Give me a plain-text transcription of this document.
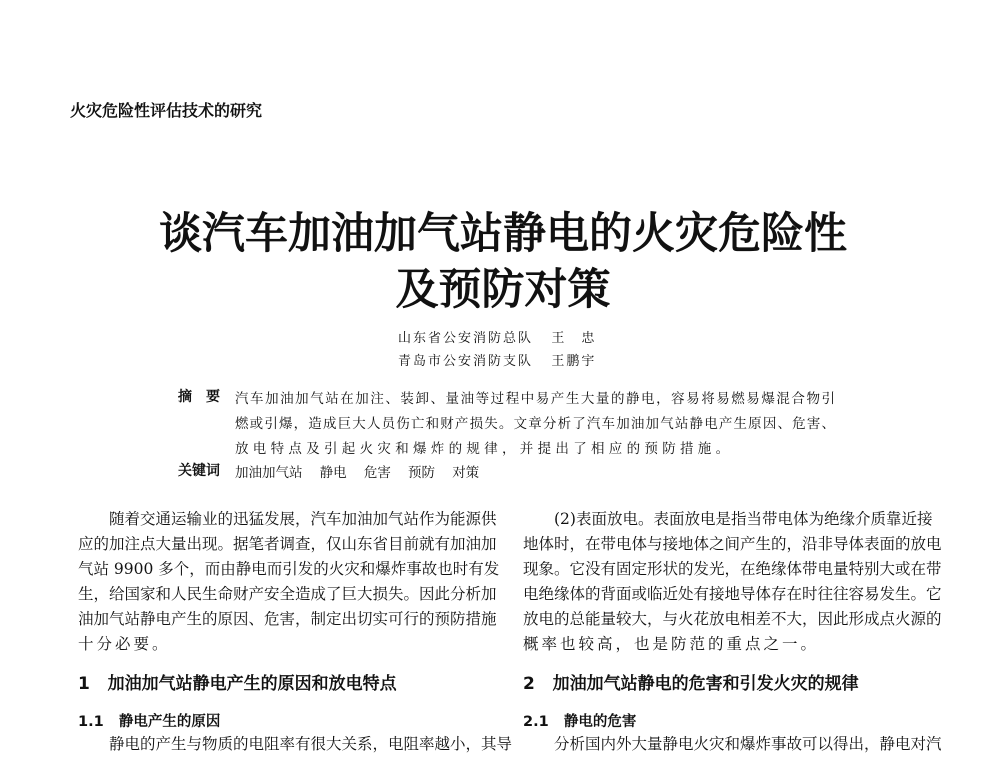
火灾危险性评估技术的研究
谈汽车加油加气站静电的火灾危险性
及预防对策
山东省公安消防总队 王　忠
青岛市公安消防支队 王鹏宇
摘　要 汽车加油加气站在加注、装卸、量油等过程中易产生大量的静电，容易将易燃易爆混合物引
燃或引爆，造成巨大人员伤亡和财产损失。文章分析了汽车加油加气站静电产生原因、危害、
放电特点及引起火灾和爆炸的规律，并提出了相应的预防措施。
关键词 加油加气站 静电 危害 预防 对策
　　随着交通运输业的迅猛发展，汽车加油加气站作为能源供
应的加注点大量出现。据笔者调查，仅山东省目前就有加油加
气站 9900 多个，而由静电而引发的火灾和爆炸事故也时有发
生，给国家和人民生命财产安全造成了巨大损失。因此分析加
油加气站静电产生的原因、危害，制定出切实可行的预防措施
十分必要。
1 加油加气站静电产生的原因和放电特点
1.1 静电产生的原因
　　静电的产生与物质的电阻率有很大关系，电阻率越小，其导
　　(2)表面放电。表面放电是指当带电体为绝缘介质靠近接
地体时，在带电体与接地体之间产生的，沿非导体表面的放电
现象。它没有固定形状的发光，在绝缘体带电量特别大或在带
电绝缘体的背面或临近处有接地导体存在时往往容易发生。它
放电的总能量较大，与火花放电相差不大，因此形成点火源的
概率也较高，也是防范的重点之一。
2 加油加气站静电的危害和引发火灾的规律
2.1 静电的危害
　　分析国内外大量静电火灾和爆炸事故可以得出，静电对汽
